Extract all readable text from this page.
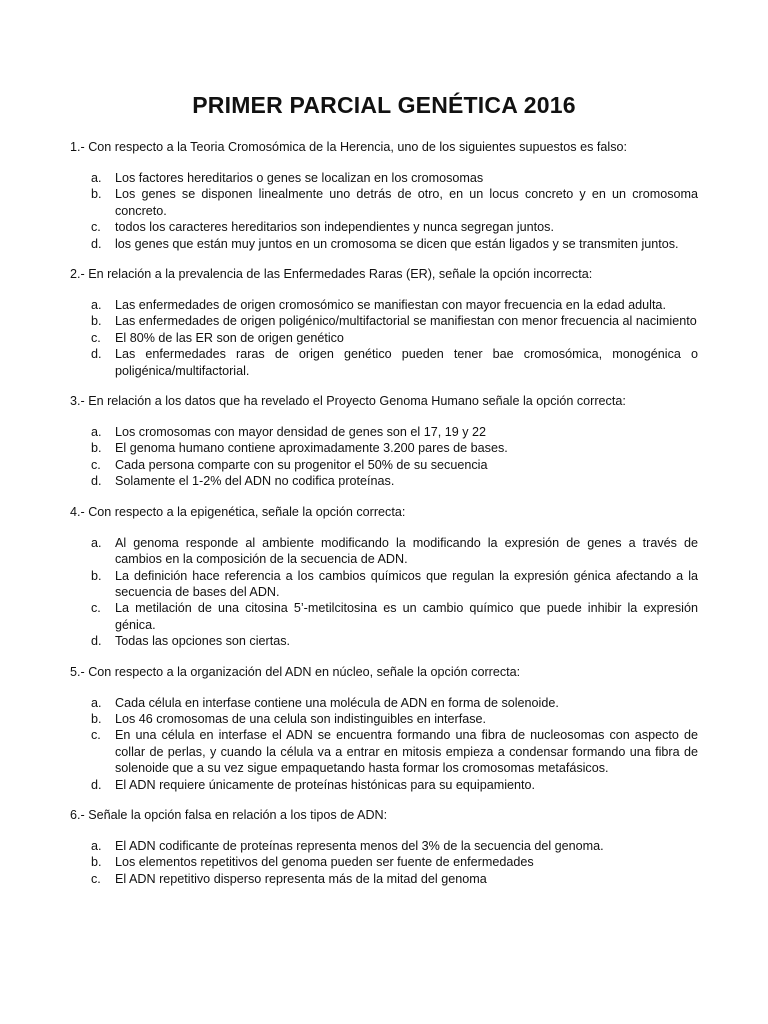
PRIMER PARCIAL GENÉTICA 2016

1.- Con respecto a la Teoria Cromosómica de la Herencia, uno de los siguientes supuestos es falso:

a. Los factores hereditarios o genes se localizan en los cromosomas
b. Los genes se disponen linealmente uno detrás de otro, en un locus concreto y en un cromosoma concreto.
c. todos los caracteres hereditarios son independientes y nunca segregan juntos.
d. los genes que están muy juntos en un cromosoma se dicen que están ligados y se transmiten juntos.

2.- En relación a la prevalencia de las Enfermedades Raras (ER), señale la opción incorrecta:

a. Las enfermedades de origen cromosómico se manifiestan con mayor frecuencia en la edad adulta.
b. Las enfermedades de origen poligénico/multifactorial se manifiestan con menor frecuencia al nacimiento
c. El 80% de las ER son de origen genético
d. Las enfermedades raras de origen genético pueden tener bae cromosómica, monogénica o poligénica/multifactorial.

3.- En relación a los datos que ha revelado el Proyecto Genoma Humano señale la opción correcta:

a. Los cromosomas con mayor densidad de genes son el 17, 19 y 22
b. El genoma humano contiene aproximadamente 3.200 pares de bases.
c. Cada persona comparte con su progenitor el 50% de su secuencia
d. Solamente el 1-2% del ADN no codifica proteínas.

4.- Con respecto a la epigenética, señale la opción correcta:

a. Al genoma responde al ambiente modificando la modificando la expresión de genes a través de cambios en la composición de la secuencia de ADN.
b. La definición hace referencia a los cambios químicos que regulan la expresión génica afectando a la secuencia de bases del ADN.
c. La metilación de una citosina 5’-metilcitosina es un cambio químico que puede inhibir la expresión génica.
d. Todas las opciones son ciertas.

5.- Con respecto a la organización del ADN en núcleo, señale la opción correcta:

a. Cada célula en interfase contiene una molécula de ADN en forma de solenoide.
b. Los 46 cromosomas de una celula son indistinguibles en interfase.
c. En una célula en interfase el ADN se encuentra formando una fibra de nucleosomas con aspecto de collar de perlas, y cuando la célula va a entrar en mitosis empieza a condensar formando una fibra de solenoide que a su vez sigue empaquetando hasta formar los cromosomas metafásicos.
d. El ADN requiere únicamente de proteínas histónicas para su equipamiento.

6.- Señale la opción falsa en relación a los tipos de ADN:

a. El ADN codificante de proteínas representa menos del 3% de la secuencia del genoma.
b. Los elementos repetitivos del genoma pueden ser fuente de enfermedades
c. El ADN repetitivo disperso representa más de la mitad del genoma
